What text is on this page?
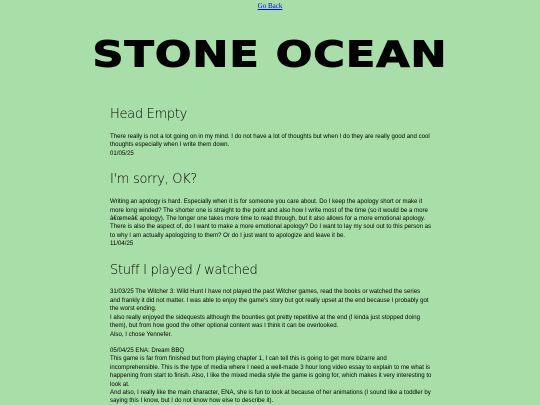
Go Back
STONE OCEAN
Head Empty

There really is not a lot going on in my mind. I do not have a lot of thoughts but when I do they are really good and cool thoughts especially when I write them down.

01/05/25

I'm sorry, OK?

Writing an apology is hard. Especially when it is for someone you care about. Do I keep the apology short or make it more long winded? The shorter one is straight to the point and also how I write most of the time (so it would be a more â€œmeâ€ apology). The longer one takes more time to read through, but it also allows for a more emotional apology.

There is also the aspect of, do I want to make a more emotional apology? Do I want to lay my soul out to this person as to why I am actually apologizing to them? Or do I just want to apologize and leave it be.

11/04/25

Stuff I played / watched

31/03/25 The Witcher 3: Wild Hunt I have not played the past Witcher games, read the books or watched the series and frankly it did not matter. I was able to enjoy the game's story but got really upset at the end because I probably got the worst ending.

I also really enjoyed the sidequests although the bounties got pretty repetitive at the end (I kinda just stopped doing them), but from how good the other optional content was I think it can be overlooked.

Also, I chose Yennefer.

05/04/25 ENA: Dream BBQ

This game is far from finished but from playing chapter 1, I can tell this is going to get more bizarre and incomprehensible. This is the type of media where I need a well-made 3 hour long video essay to explain to me what is happening from start to finish. Also, I like the mixed media style the game is going for, which makes it very interesting to look at.

And also, I really like the main character, ENA, she is fun to look at because of her animations (I sound like a toddler by saying this I know, but I do not know how else to describe it).
